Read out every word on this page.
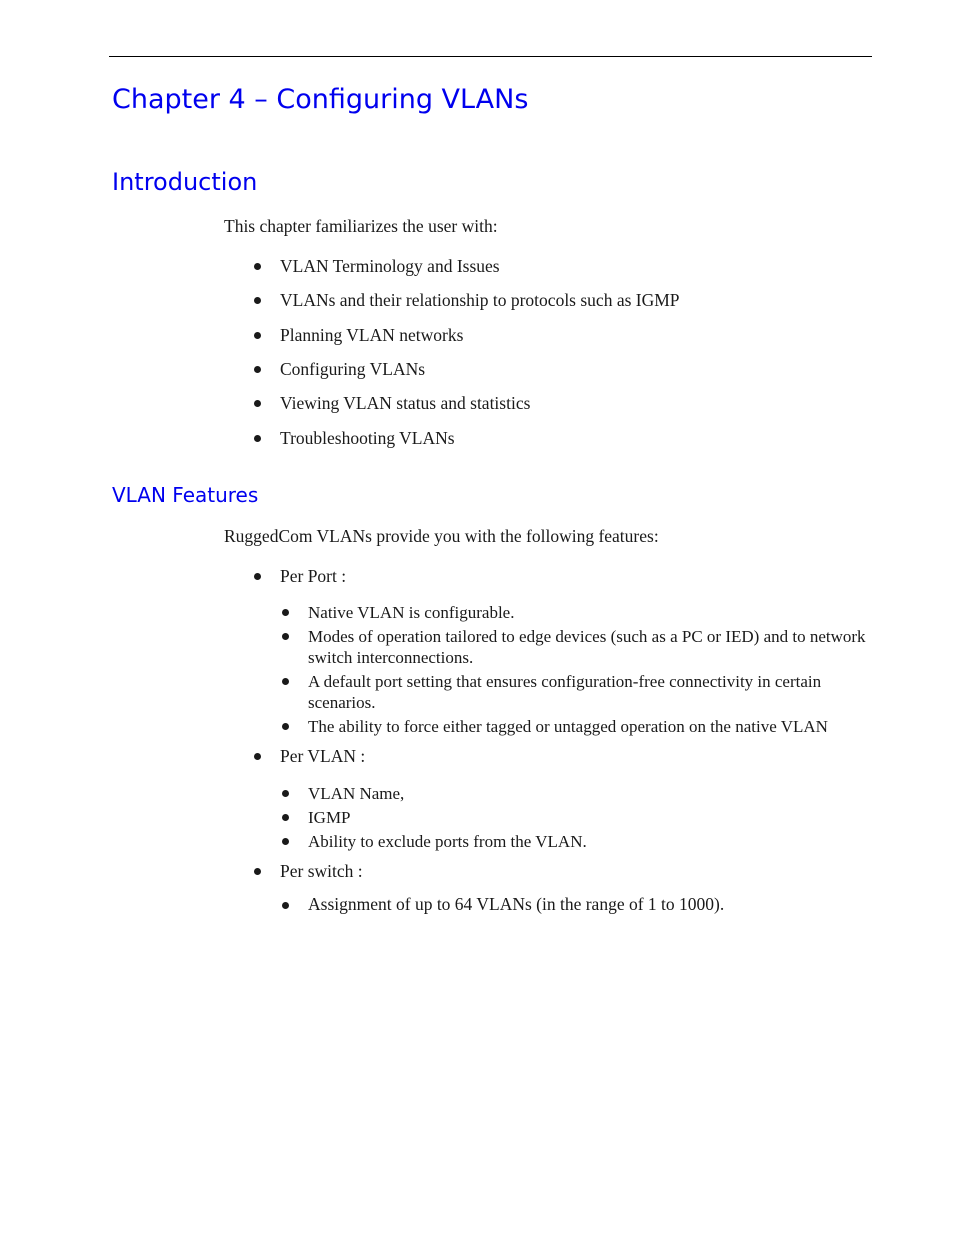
Chapter 4 – Configuring VLANs
Introduction

This chapter familiarizes the user with:

VLAN Terminology and Issues

VLANs and their relationship to protocols such as IGMP

Planning VLAN networks

Configuring VLANs

Viewing VLAN status and statistics

Troubleshooting VLANs

VLAN Features

RuggedCom VLANs provide you with the following features:

Per Port :

Native VLAN is configurable.

Modes of operation tailored to edge devices (such as a PC or IED) and to network switch interconnections.

A default port setting that ensures configuration-free connectivity in certain scenarios.

The ability to force either tagged or untagged operation on the native VLAN

Per VLAN :

VLAN Name,

IGMP

Ability to exclude ports from the VLAN.

Per switch :

Assignment of up to 64 VLANs (in the range of 1 to 1000).
